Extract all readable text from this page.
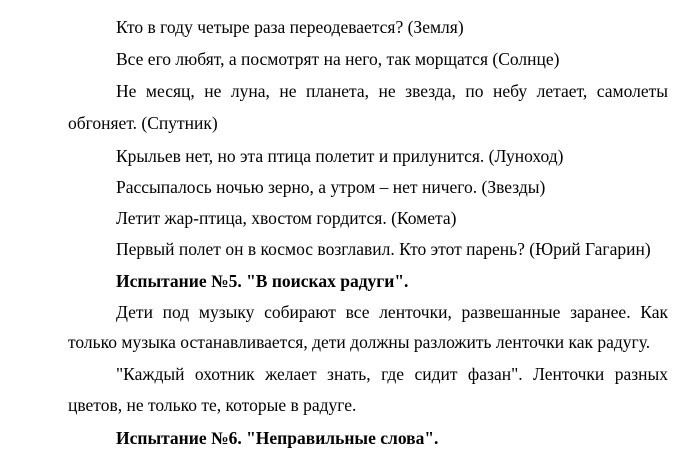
Кто в году четыре раза переодевается? (Земля)
Все его любят, а посмотрят на него, так морщатся (Солнце)
Не месяц, не луна, не планета, не звезда, по небу летает, самолеты
обгоняет. (Спутник)
Крыльев нет, но эта птица полетит и прилунится. (Луноход)
Рассыпалось ночью зерно, а утром – нет ничего. (Звезды)
Летит жар-птица, хвостом гордится. (Комета)
Первый полет он в космос возглавил. Кто этот парень? (Юрий Гагарин)
Испытание №5. "В поисках радуги".
Дети под музыку собирают все ленточки, развешанные заранее. Как
только музыка останавливается, дети должны разложить ленточки как радугу.
"Каждый охотник желает знать, где сидит фазан". Ленточки разных
цветов, не только те, которые в радуге.
Испытание №6. "Неправильные слова".
